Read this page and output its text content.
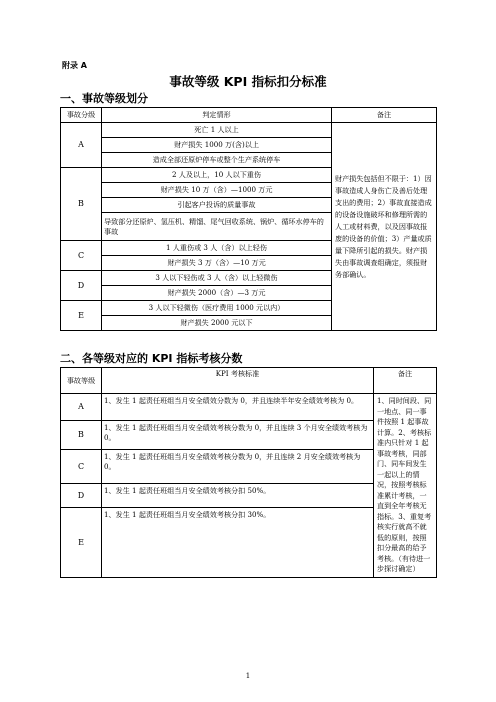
附录 A
事故等级 KPI 指标扣分标准
一、事故等级划分
事故分级	判定情形	备注
A	死亡 1 人以上	财产损失包括但不限于：1）因事故造成人身伤亡及善后处理支出的费用；2）事故直接造成的设备设施破坏和修理所需的人工或材料费，以及因事故报废的设备的价值；3）产量或质量下降所引起的损失。财产损失由事故调查组确定，须报财务部确认。
	财产损失 1000 万(含)以上	
	造成全部还原炉停车或整个生产系统停车	
B	2 人及以上，10 人以下重伤	
	财产损失 10 万（含）—1000 万元	
	引起客户投诉的质量事故	
	导致部分还原炉、氢压机、精馏、尾气回收系统、锅炉、循环水停车的事故	
C	1 人重伤或 3 人（含）以上轻伤	
	财产损失 3 万（含）—10 万元	
D	3 人以下轻伤或 3 人（含）以上轻微伤	
	财产损失 2000（含）—3 万元	
E	3 人以下轻微伤（医疗费用 1000 元以内）	
	财产损失 2000 元以下	
二、各等级对应的 KPI 指标考核分数
事故等级	KPI 考核标准	备注
A	1、发生 1 起责任班组当月安全绩效分数为 0，并且连续半年安全绩效考核为 0。	1、同时间段、同一地点、同一事件按照 1 起事故计算。2、考核标准内只针对 1 起事故考核，同部门、同车间发生一起以上的情况，按照考核标准累计考核，一直到全年考核无指标。3、重复考核实行就高不就低的原则，按照扣分最高的给予考核。（有待进一步探讨确定）
B	1、发生 1 起责任班组当月安全绩效考核分数为 0，并且连续 3 个月安全绩效考核为 0。	
C	1、发生 1 起责任班组当月安全绩效考核分数为 0，并且连续 2 月安全绩效考核为 0。	
D	1、发生 1 起责任班组当月安全绩效考核分扣 50%。	
E	1、发生 1 起责任班组当月安全绩效考核分扣 30%。	
1
